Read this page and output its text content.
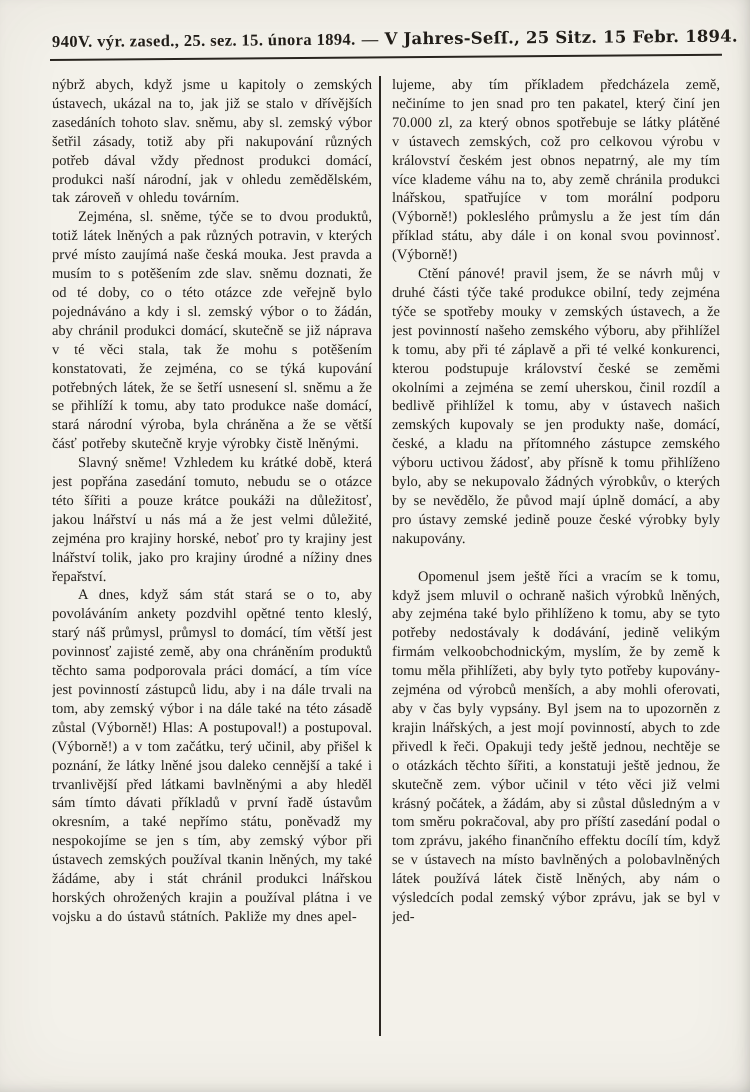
940 V. výr. zased., 25. sez. 15. února 1894. — V Jahres-Seſſ., 25 Sitz. 15 Febr. 1894.

nýbrž abych, když jsme u kapitoly o zemských ústavech, ukázal na to, jak již se stalo v dřívějších zasedáních tohoto slav. sněmu, aby sl. zemský výbor šetřil zásady, totiž aby při nakupování různých potřeb dával vždy přednost produkci domácí, produkci naší národní, jak v ohledu zemědělském, tak zároveň v ohledu továrním.

Zejména, sl. sněme, týče se to dvou produktů, totiž látek lněných a pak různých potravin, v kterých prvé místo zaujímá naše česká mouka. Jest pravda a musím to s potěšením zde slav. sněmu doznati, že od té doby, co o této otázce zde veřejně bylo pojednáváno a kdy i sl. zemský výbor o to žádán, aby chránil produkci domácí, skutečně se již náprava v té věci stala, tak že mohu s potěšením konstatovati, že zejména, co se týká kupování potřebných látek, že se šetří usnesení sl. sněmu a že se přihlíží k tomu, aby tato produkce naše domácí, stará národní výroba, byla chráněna a že se větší čásť potřeby skutečně kryje výrobky čistě lněnými.

Slavný sněme! Vzhledem ku krátké době, která jest popřána zasedání tomuto, nebudu se o otázce této šířiti a pouze krátce poukáži na důležitosť, jakou lnářství u nás má a že jest velmi důležité, zejména pro krajiny horské, neboť pro ty krajiny jest lnářství tolik, jako pro krajiny úrodné a nížiny dnes řepařství.

A dnes, když sám stát stará se o to, aby povoláváním ankety pozdvihl opětné tento kleslý, starý náš průmysl, průmysl to domácí, tím větší jest povinnosť zajisté země, aby ona chráněním produktů těchto sama podporovala práci domácí, a tím více jest povinností zástupců lidu, aby i na dále trvali na tom, aby zemský výbor i na dále také na této zásadě zůstal (Výborně!) Hlas: A postupoval!) a postupoval. (Výborně!) a v tom začátku, terý učinil, aby přišel k poznání, že látky lněné jsou daleko cennější a také i trvanlivější před látkami bavlněnými a aby hleděl sám tímto dávati příkladů v první řadě ústavům okresním, a také nepřímo státu, poněvadž my nespokojíme se jen s tím, aby zemský výbor při ústavech zemských používal tkanin lněných, my také žádáme, aby i stát chránil produkci lnářskou horských ohrožených krajin a používal plátna i ve vojsku a do ústavů státních. Pakliže my dnes apel-

lujeme, aby tím příkladem předcházela země, nečiníme to jen snad pro ten pakatel, který činí jen 70.000 zl, za který obnos spotřebuje se látky plátěné v ústavech zemských, což pro celkovou výrobu v království českém jest obnos nepatrný, ale my tím více klademe váhu na to, aby země chránila produkci lnářskou, spatřujíce v tom morální podporu (Výborně!) pokleslého průmyslu a že jest tím dán příklad státu, aby dále i on konal svou povinnosť. (Výborně!)

Ctění pánové! pravil jsem, že se návrh můj v druhé části týče také produkce obilní, tedy zejména týče se spotřeby mouky v zemských ústavech, a že jest povinností našeho zemského výboru, aby přihlížel k tomu, aby při té záplavě a při té velké konkurenci, kterou podstupuje království české se zeměmi okolními a zejména se zemí uherskou, činil rozdíl a bedlivě přihlížel k tomu, aby v ústavech našich zemských kupovaly se jen produkty naše, domácí, české, a kladu na přítomného zástupce zemského výboru uctivou žádosť, aby přísně k tomu přihlíženo bylo, aby se nekupovalo žádných výrobkův, o kterých by se nevědělo, že původ mají úplně domácí, a aby pro ústavy zemské jedině pouze české výrobky byly nakupovány.

Opomenul jsem ještě říci a vracím se k tomu, když jsem mluvil o ochraně našich výrobků lněných, aby zejména také bylo přihlíženo k tomu, aby se tyto potřeby nedostávaly k dodávání, jedině velikým firmám velkoobchodnickým, myslím, že by země k tomu měla přihlížeti, aby byly tyto potřeby kupovány- zejména od výrobců menších, a aby mohli oferovati, aby v čas byly vypsány. Byl jsem na to upozorněn z krajin lnářských, a jest mojí povinností, abych to zde přivedl k řeči. Opakuji tedy ještě jednou, nechtěje se o otázkách těchto šířiti, a konstatuji ještě jednou, že skutečně zem. výbor učinil v této věci již velmi krásný počátek, a žádám, aby si zůstal důsledným a v tom směru pokračoval, aby pro příští zasedání podal o tom zprávu, jakého finančního effektu docílí tím, když se v ústavech na místo bavlněných a polobavlněných látek používá látek čistě lněných, aby nám o výsledcích podal zemský výbor zprávu, jak se byl v jed-
